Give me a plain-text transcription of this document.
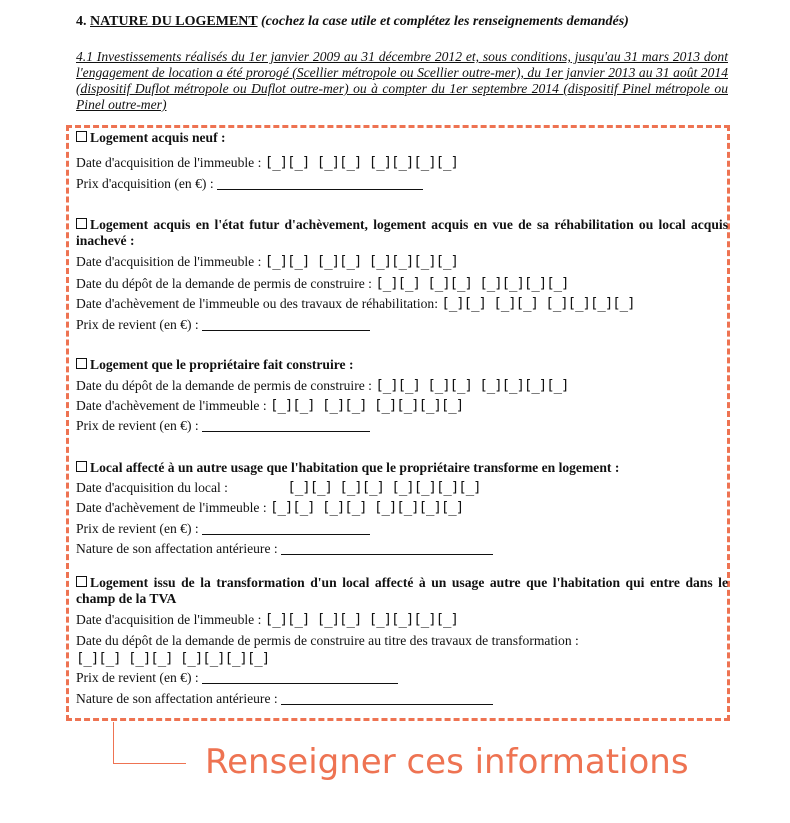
4. NATURE DU LOGEMENT (cochez la case utile et complétez les renseignements demandés)
4.1 Investissements réalisés du 1er janvier 2009 au 31 décembre 2012 et, sous conditions, jusqu'au 31 mars 2013 dont l'engagement de location a été prorogé (Scellier métropole ou Scellier outre-mer), du 1er janvier 2013 au 31 août 2014 (dispositif Duflot métropole ou Duflot outre-mer) ou à compter du 1er septembre 2014 (dispositif Pinel métropole ou Pinel outre-mer)
Logement acquis neuf :
Date d'acquisition de l'immeuble : [_][_] [_][_] [_][_][_][_]
Prix d'acquisition (en €) :
Logement acquis en l'état futur d'achèvement, logement acquis en vue de sa réhabilitation ou local acquis inachevé :
Date d'acquisition de l'immeuble : [_][_] [_][_] [_][_][_][_]
Date du dépôt de la demande de permis de construire : [_][_] [_][_] [_][_][_][_]
Date d'achèvement de l'immeuble ou des travaux de réhabilitation: [_][_] [_][_] [_][_][_][_]
Prix de revient (en €) :
Logement que le propriétaire fait construire :
Date du dépôt de la demande de permis de construire : [_][_] [_][_] [_][_][_][_]
Date d'achèvement de l'immeuble : [_][_] [_][_] [_][_][_][_]
Prix de revient (en €) :
Local affecté à un autre usage que l'habitation que le propriétaire transforme en logement :
Date d'acquisition du local :	[_][_] [_][_] [_][_][_][_]
Date d'achèvement de l'immeuble : [_][_] [_][_] [_][_][_][_]
Prix de revient (en €) :
Nature de son affectation antérieure :
Logement issu de la transformation d'un local affecté à un usage autre que l'habitation qui entre dans le champ de la TVA
Date d'acquisition de l'immeuble : [_][_] [_][_] [_][_][_][_]
Date du dépôt de la demande de permis de construire au titre des travaux de transformation :
[_][_] [_][_] [_][_][_][_]
Prix de revient (en €) :
Nature de son affectation antérieure :
Renseigner ces informations
